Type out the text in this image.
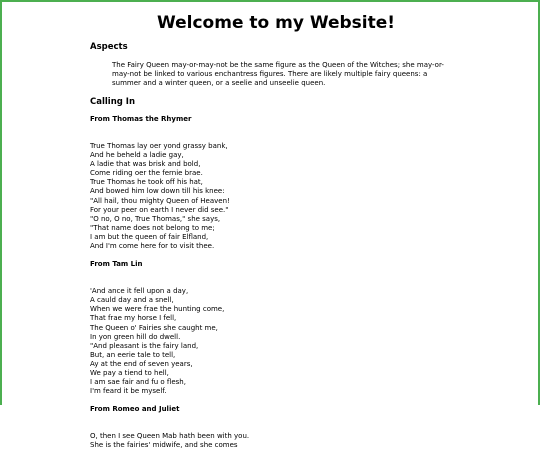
Welcome to my Website!
Aspects

The Fairy Queen may-or-may-not be the same figure as the Queen of the Witches; she may-or-may-not be linked to various enchantress figures. There are likely multiple fairy queens: a summer and a winter queen, or a seelie and unseelie queen.

Calling In
From Thomas the Rhymer

True Thomas lay oer yond grassy bank,
And he beheld a ladie gay,
A ladie that was brisk and bold,
Come riding oer the fernie brae.
True Thomas he took off his hat,
And bowed him low down till his knee:
"All hail, thou mighty Queen of Heaven!
For your peer on earth I never did see."
"O no, O no, True Thomas," she says,
"That name does not belong to me;
I am but the queen of fair Elfland,
And I'm come here for to visit thee.

From Tam Lin

'And ance it fell upon a day,
A cauld day and a snell,
When we were frae the hunting come,
That frae my horse I fell,
The Queen o' Fairies she caught me,
In yon green hill do dwell.
"And pleasant is the fairy land,
But, an eerie tale to tell,
Ay at the end of seven years,
We pay a tiend to hell,
I am sae fair and fu o flesh,
I'm feard it be myself.

From Romeo and Juliet

O, then I see Queen Mab hath been with you.
She is the fairies' midwife, and she comes
